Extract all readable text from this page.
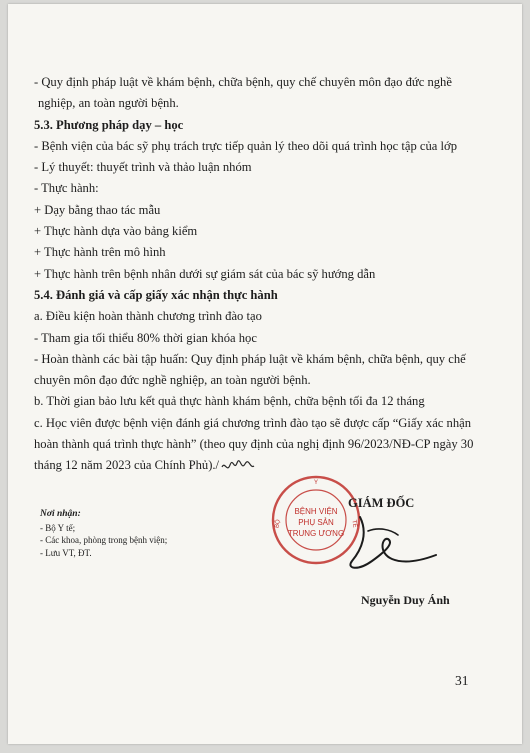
- Quy định pháp luật về khám bệnh, chữa bệnh, quy chế chuyên môn đạo đức nghề
nghiệp, an toàn người bệnh.
5.3. Phương pháp dạy – học
- Bệnh viện của bác sỹ phụ trách trực tiếp quản lý theo dõi quá trình học tập của lớp
- Lý thuyết: thuyết trình và thảo luận nhóm
- Thực hành:
+ Dạy bằng thao tác mẫu
+ Thực hành dựa vào bảng kiểm
+ Thực hành trên mô hình
+ Thực hành trên bệnh nhân dưới sự giám sát của bác sỹ hướng dẫn
5.4. Đánh giá và cấp giấy xác nhận thực hành
a. Điều kiện hoàn thành chương trình đào tạo
- Tham gia tối thiểu 80% thời gian khóa học
- Hoàn thành các bài tập huấn: Quy định pháp luật về khám bệnh, chữa bệnh, quy chế
chuyên môn đạo đức nghề nghiệp, an toàn người bệnh.
b. Thời gian bảo lưu kết quả thực hành khám bệnh, chữa bệnh tối đa 12 tháng
c. Học viên được bệnh viện đánh giá chương trình đào tạo sẽ được cấp “Giấy xác nhận
hoàn thành quá trình thực hành” (theo quy định của nghị định 96/2023/NĐ-CP ngày 30
tháng 12 năm 2023 của Chính Phủ)./
Nơi nhận:
- Bộ Y tế;
- Các khoa, phòng trong bệnh viện;
- Lưu VT, ĐT.
Y
BỘ	TẾ
BỆNH VIỆN
PHỤ SẢN
TRUNG ƯƠNG
GIÁM ĐỐC
Nguyễn Duy Ánh
31
